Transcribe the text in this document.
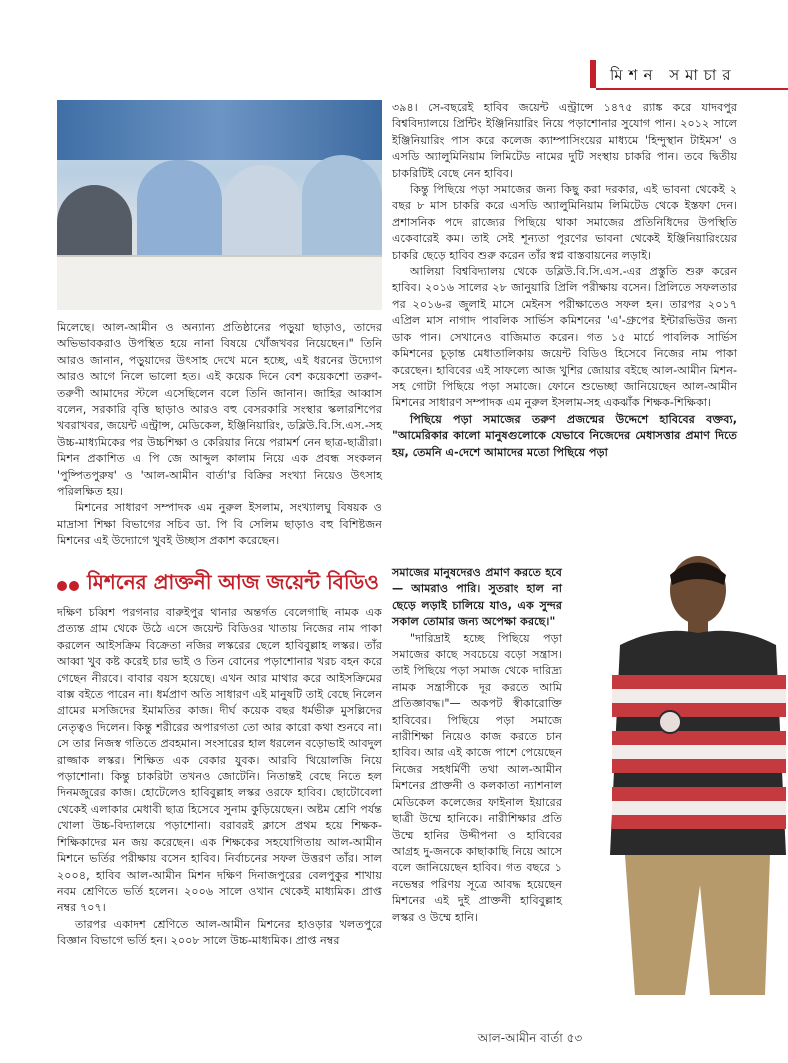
মিশন সমাচার

মিলেছে। আল-আমীন ও অন্যান্য প্রতিষ্ঠানের পড়ুয়া ছাড়াও, তাদের অভিভাবকরাও উপস্থিত হয়ে নানা বিষয়ে খোঁজখবর নিয়েছেন।" তিনি আরও জানান, পড়ুয়াদের উৎসাহ দেখে মনে হচ্ছে, এই ধরনের উদ্যোগ আরও আগে নিলে ভালো হত। এই কয়েক দিনে বেশ কয়েকশো তরুণ-তরুণী আমাদের স্টলে এসেছিলেন বলে তিনি জানান। জাহির আব্বাস বলেন, সরকারি বৃত্তি ছাড়াও আরও বহু বেসরকারি সংস্থার স্কলারশিপের খবরাখবর, জয়েন্ট এন্ট্রান্স, মেডিকেল, ইঞ্জিনিয়ারিং, ডব্লিউ.বি.সি.এস.-সহ উচ্চ-মাধ্যমিকের পর উচ্চশিক্ষা ও কেরিয়ার নিয়ে পরামর্শ নেন ছাত্র-ছাত্রীরা। মিশন প্রকাশিত এ পি জে আব্দুল কালাম নিয়ে এক প্রবন্ধ সংকলন 'পুষ্পিতপুরুষ' ও 'আল-আমীন বার্তা'র বিক্রির সংখ্যা নিয়েও উৎসাহ পরিলক্ষিত হয়।

মিশনের সাধারণ সম্পাদক এম নুরুল ইসলাম, সংখ্যালঘু বিষয়ক ও মাদ্রাসা শিক্ষা বিভাগের সচিব ডা. পি বি সেলিম ছাড়াও বহু বিশিষ্টজন মিশনের এই উদ্যোগে খুবই উচ্ছাস প্রকাশ করেছেন।

মিশনের প্রাক্তনী আজ জয়েন্ট বিডিও

দক্ষিণ চব্বিশ পরগনার বারুইপুর থানার অন্তর্গত বেলেগাছি নামক এক প্রত্যন্ত গ্রাম থেকে উঠে এসে জয়েন্ট বিডিওর খাতায় নিজের নাম পাকা করলেন আইসক্রিম বিক্রেতা নজির লস্করের ছেলে হাবিবুল্লাহ লস্কর। তাঁর আব্বা খুব কষ্ট করেই চার ভাই ও তিন বোনের পড়াশোনার খরচ বহন করে গেছেন নীরবে। বাবার বয়স হয়েছে। এখন আর মাথার করে আইসক্রিমের বাক্স বইতে পারেন না। ধর্মপ্রাণ অতি সাধারণ এই মানুষটি তাই বেছে নিলেন গ্রামের মসজিদের ইমামতির কাজ। দীর্ঘ কয়েক বছর ধর্মভীরু মুসল্লিদের নেতৃত্বও দিলেন। কিন্তু শরীরের অপারগতা তো আর কারো কথা শুনবে না। সে তার নিজস্ব গতিতে প্রবহমান। সংসারের হাল ধরলেন বড়োভাই আবদুল রাজ্জাক লস্কর। শিক্ষিত এক বেকার যুবক। আরবি থিয়োলজি নিয়ে পড়াশোনা। কিন্তু চাকরিটা তখনও জোটেনি। নিতান্তই বেছে নিতে হল দিনমজুরের কাজ। হোটেলেও হাবিবুল্লাহ লস্কর ওরফে হাবিব। ছোটোবেলা থেকেই এলাকার মেধাবী ছাত্র হিসেবে সুনাম কুড়িয়েছেন। অষ্টম শ্রেণি পর্যন্ত খোলা উচ্চ-বিদ্যালয়ে পড়াশোনা। বরাবরই ক্লাসে প্রথম হয়ে শিক্ষক-শিক্ষিকাদের মন জয় করেছেন। এক শিক্ষকের সহযোগিতায় আল-আমীন মিশনে ভর্তির পরীক্ষায় বসেন হাবিব। নির্বাচনের সফল উত্তরণ তাঁর। সাল ২০০৪, হাবিব আল-আমীন মিশন দক্ষিণ দিনাজপুরের বেলপুকুর শাখায় নবম শ্রেণিতে ভর্তি হলেন। ২০০৬ সালে ওখান থেকেই মাধ্যমিক। প্রাপ্ত নম্বর ৭০৭।

তারপর একাদশ শ্রেণিতে আল-আমীন মিশনের হাওড়ার খলতপুরে বিজ্ঞান বিভাগে ভর্তি হন। ২০০৮ সালে উচ্চ-মাধ্যমিক। প্রাপ্ত নম্বর

৩৯৪। সে-বছরেই হাবিব জয়েন্ট এন্ট্রান্সে ১৪৭৫ র‍্যাঙ্ক করে যাদবপুর বিশ্ববিদ্যালয়ে প্রিন্টিং ইঞ্জিনিয়ারিং নিয়ে পড়াশোনার সুযোগ পান। ২০১২ সালে ইঞ্জিনিয়ারিং পাস করে কলেজ ক্যাম্পাসিংয়ের মাধ্যমে 'হিন্দুস্থান টাইমস' ও এসডি অ্যালুমিনিয়াম লিমিটেড নামের দুটি সংস্থায় চাকরি পান। তবে দ্বিতীয় চাকরিটিই বেছে নেন হাবিব।

কিন্তু পিছিয়ে পড়া সমাজের জন্য কিছু করা দরকার, এই ভাবনা থেকেই ২ বছর ৮ মাস চাকরি করে এসডি অ্যালুমিনিয়াম লিমিটেড থেকে ইস্তফা দেন। প্রশাসনিক পদে রাজ্যের পিছিয়ে থাকা সমাজের প্রতিনিধিদের উপস্থিতি একেবারেই কম। তাই সেই শূন্যতা পূরণের ভাবনা থেকেই ইঞ্জিনিয়ারিংয়ের চাকরি ছেড়ে হাবিব শুরু করেন তাঁর স্বপ্ন বাস্তবায়নের লড়াই।

আলিয়া বিশ্ববিদ্যালয় থেকে ডব্লিউ.বি.সি.এস.-এর প্রস্তুতি শুরু করেন হাবিব। ২০১৬ সালের ২৮ জানুয়ারি প্রিলি পরীক্ষায় বসেন। প্রিলিতে সফলতার পর ২০১৬-র জুলাই মাসে মেইনস পরীক্ষাতেও সফল হন। তারপর ২০১৭ এপ্রিল মাস নাগাদ পাবলিক সার্ভিস কমিশনের 'এ'-গ্রুপের ইন্টারভিউর জন্য ডাক পান। সেখানেও বাজিমাত করেন। গত ১৫ মার্চে পাবলিক সার্ভিস কমিশনের চূড়ান্ত মেধাতালিকায় জয়েন্ট বিডিও হিসেবে নিজের নাম পাকা করেছেন। হাবিবের এই সাফল্যে আজ খুশির জোয়ার বইছে আল-আমীন মিশন-সহ গোটা পিছিয়ে পড়া সমাজে। ফোনে শুভেচ্ছা জানিয়েছেন আল-আমীন মিশনের সাধারণ সম্পাদক এম নুরুল ইসলাম-সহ একঝাঁক শিক্ষক-শিক্ষিকা।

পিছিয়ে পড়া সমাজের তরুণ প্রজন্মের উদ্দেশে হাবিবের বক্তব্য, "আমেরিকার কালো মানুষগুলোকে যেভাবে নিজেদের মেধাসত্তার প্রমাণ দিতে হয়, তেমনি এ-দেশে আমাদের মতো পিছিয়ে পড়া

সমাজের মানুষদেরও প্রমাণ করতে হবে— আমরাও পারি। সুতরাং হাল না ছেড়ে লড়াই চালিয়ে যাও, এক সুন্দর সকাল তোমার জন্য অপেক্ষা করছে।"

"দারিদ্রাই হচ্ছে পিছিয়ে পড়া সমাজের কাছে সবচেয়ে বড়ো সন্ত্রাস। তাই পিছিয়ে পড়া সমাজ থেকে দারিদ্র্য নামক সন্ত্রাসীকে দূর করতে আমি প্রতিজ্ঞাবদ্ধ।"— অকপট স্বীকারোক্তি হাবিবের। পিছিয়ে পড়া সমাজে নারীশিক্ষা নিয়েও কাজ করতে চান হাবিব। আর এই কাজে পাশে পেয়েছেন নিজের সহধর্মিণী তথা আল-আমীন মিশনের প্রাক্তনী ও কলকাতা ন্যাশনাল মেডিকেল কলেজের ফাইনাল ইয়ারের ছাত্রী উম্মে হানিকে। নারীশিক্ষার প্রতি উম্মে হানির উদ্দীপনা ও হাবিবের আগ্রহ দু-জনকে কাছাকাছি নিয়ে আসে বলে জানিয়েছেন হাবিব। গত বছরে ১ নভেম্বর পরিণয় সূত্রে আবদ্ধ হয়েছেন মিশনের এই দুই প্রাক্তনী হাবিবুল্লাহ লস্কর ও উম্মে হানি।

আল-আমীন বার্তা ৫৩
